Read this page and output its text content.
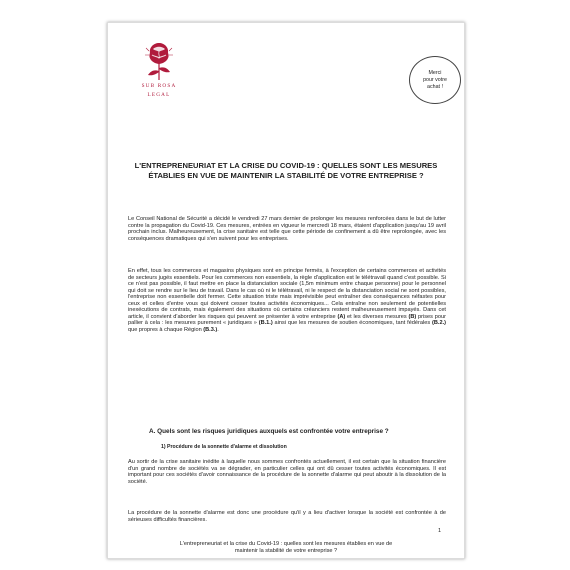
SUB ROSA
LEGAL
Merci
pour votre
achat !
L'ENTREPRENEURIAT ET LA CRISE DU COVID-19 : QUELLES SONT LES MESURES ÉTABLIES EN VUE DE MAINTENIR LA STABILITÉ DE VOTRE ENTREPRISE ?
Le Conseil National de Sécurité a décidé le vendredi 27 mars dernier de prolonger les mesures renforcées dans le but de lutter contre la propagation du Covid-19. Ces mesures, entrées en vigueur le mercredi 18 mars, étaient d'application jusqu'au 19 avril prochain inclus. Malheureusement, la crise sanitaire est telle que cette période de confinement a dû être reprolongée, avec les conséquences dramatiques qui s'en suivent pour les entreprises.
En effet, tous les commerces et magasins physiques sont en principe fermés, à l'exception de certains commerces et activités de secteurs jugés essentiels. Pour les commerces non essentiels, la règle d'application est le télétravail quand c'est possible. Si ce n'est pas possible, il faut mettre en place la distanciation sociale (1,5m minimum entre chaque personne) pour le personnel qui doit se rendre sur le lieu de travail. Dans le cas où ni le télétravail, ni le respect de la distanciation social ne sont possibles, l'entreprise non essentielle doit fermer. Cette situation triste mais imprévisible peut entraîner des conséquences néfastes pour ceux et celles d'entre vous qui doivent cesser toutes activités économiques... Cela entraîne non seulement de potentielles inexécutions de contrats, mais également des situations où certains créanciers restent malheureusement impayés. Dans cet article, il convient d'aborder les risques qui peuvent se présenter à votre entreprise (A) et les diverses mesures (B) prises pour pallier à cela : les mesures purement « juridiques » (B.1.) ainsi que les mesures de soutien économiques, tant fédérales (B.2.) que propres à chaque Région (B.3.).
A. Quels sont les risques juridiques auxquels est confrontée votre entreprise ?
1) Procédure de la sonnette d'alarme et dissolution
Au sortir de la crise sanitaire inédite à laquelle nous sommes confrontés actuellement, il est certain que la situation financière d'un grand nombre de sociétés va se dégrader, en particulier celles qui ont dû cesser toutes activités économiques. Il est important pour ces sociétés d'avoir connaissance de la procédure de la sonnette d'alarme qui peut aboutir à la dissolution de la société.
La procédure de la sonnette d'alarme est donc une procédure qu'il y a lieu d'activer lorsque la société est confrontée à de sérieuses difficultés financières.
1
L'entrepreneuriat et la crise du Covid-19 : quelles sont les mesures établies en vue de
maintenir la stabilité de votre entreprise ?
